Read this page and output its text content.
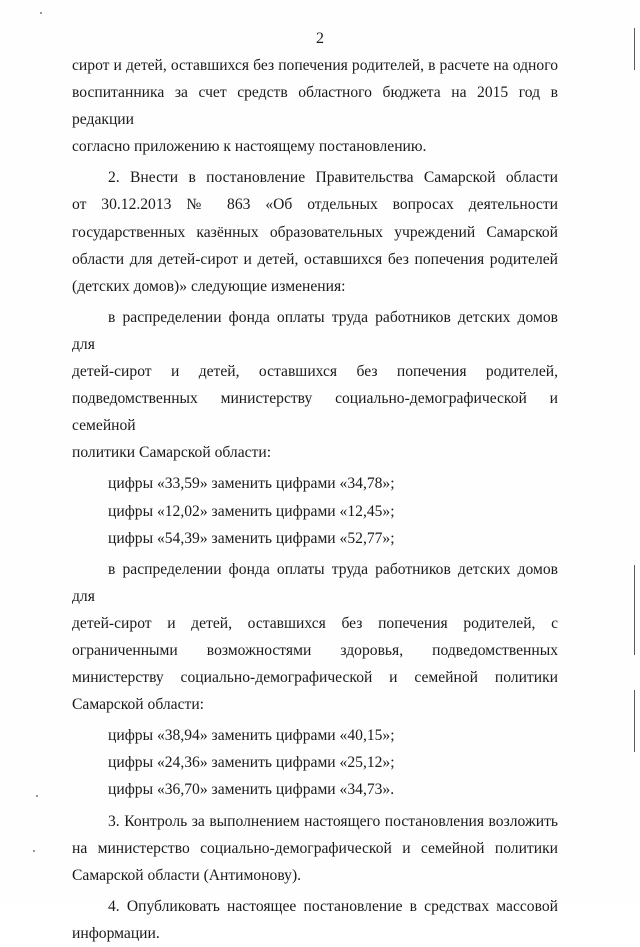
2

сирот и детей, оставшихся без попечения родителей, в расчете на одного

воспитанника за счет средств областного бюджета на 2015 год в редакции

согласно приложению к настоящему постановлению.

2. Внести в постановление Правительства Самарской области

от 30.12.2013 № 863 «Об отдельных вопросах деятельности

государственных казённых образовательных учреждений Самарской

области для детей-сирот и детей, оставшихся без попечения родителей

(детских домов)» следующие изменения:

в распределении фонда оплаты труда работников детских домов для

детей-сирот и детей, оставшихся без попечения родителей,

подведомственных министерству социально-демографической и семейной

политики Самарской области:

цифры «33,59» заменить цифрами «34,78»;

цифры «12,02» заменить цифрами «12,45»;

цифры «54,39» заменить цифрами «52,77»;

в распределении фонда оплаты труда работников детских домов для

детей-сирот и детей, оставшихся без попечения родителей, с

ограниченными возможностями здоровья, подведомственных

министерству социально-демографической и семейной политики

Самарской области:

цифры «38,94» заменить цифрами «40,15»;

цифры «24,36» заменить цифрами «25,12»;

цифры «36,70» заменить цифрами «34,73».

3. Контроль за выполнением настоящего постановления возложить

на министерство социально-демографической и семейной политики

Самарской области (Антимонову).

4. Опубликовать настоящее постановление в средствах массовой

информации.
